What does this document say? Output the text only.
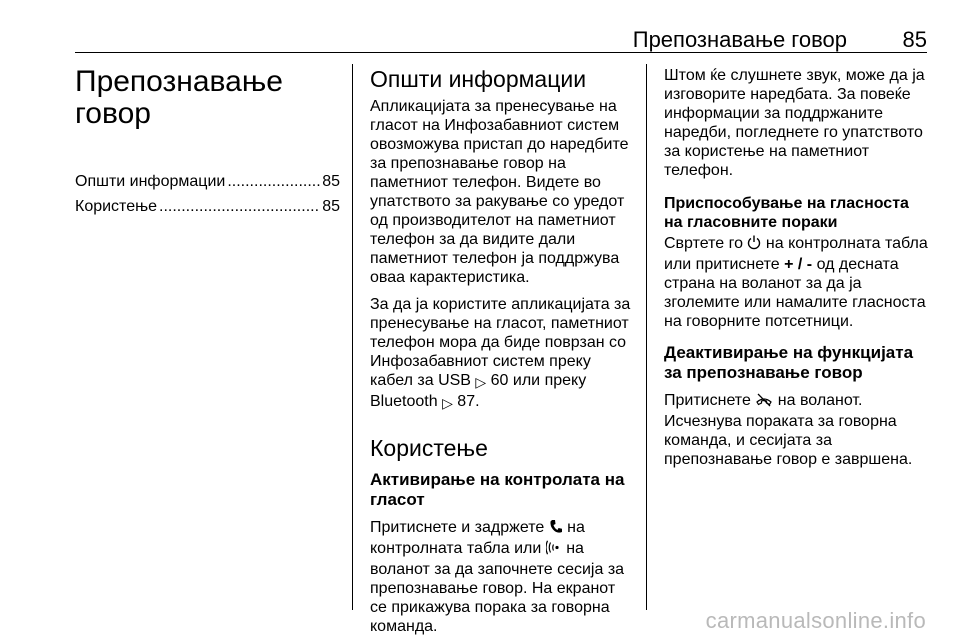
Препознавање говор	85
Препознавање
говор
Општи информации .....	85
Користење .....	85
Општи информации

Апликацијата за пренесување на гласот на Инфозабавниот систем овозможува пристап до наредбите за препознавање говор на паметниот телефон. Видете во упатството за ракување со уредот од производителот на паметниот телефон за да видите дали паметниот телефон ја поддржува оваа карактеристика.

За да ја користите апликацијата за пренесување на гласот, паметниот телефон мора да биде поврзан со Инфозабавниот систем преку кабел за USB ▷ 60 или преку Bluetooth ▷ 87.

Користење
Активирање на контролата на гласот

Притиснете и задржете на контролната табла или на воланот за да започнете сесија за препознавање говор. На екранот се прикажува порака за говорна команда.

Штом ќе слушнете звук, може да ја изговорите наредбата. За повеќе информации за поддржаните наредби, погледнете го упатството за користење на паметниот телефон.

Приспособување на гласноста на гласовните пораки

Свртете го на контролната табла или притиснете + / - од десната страна на воланот за да ја зголемите или намалите гласноста на говорните потсетници.

Деактивирање на функцијата за препознавање говор

Притиснете на воланот. Исчезнува пораката за говорна команда, и сесијата за препознавање говор е завршена.

carmanualsonline.info
